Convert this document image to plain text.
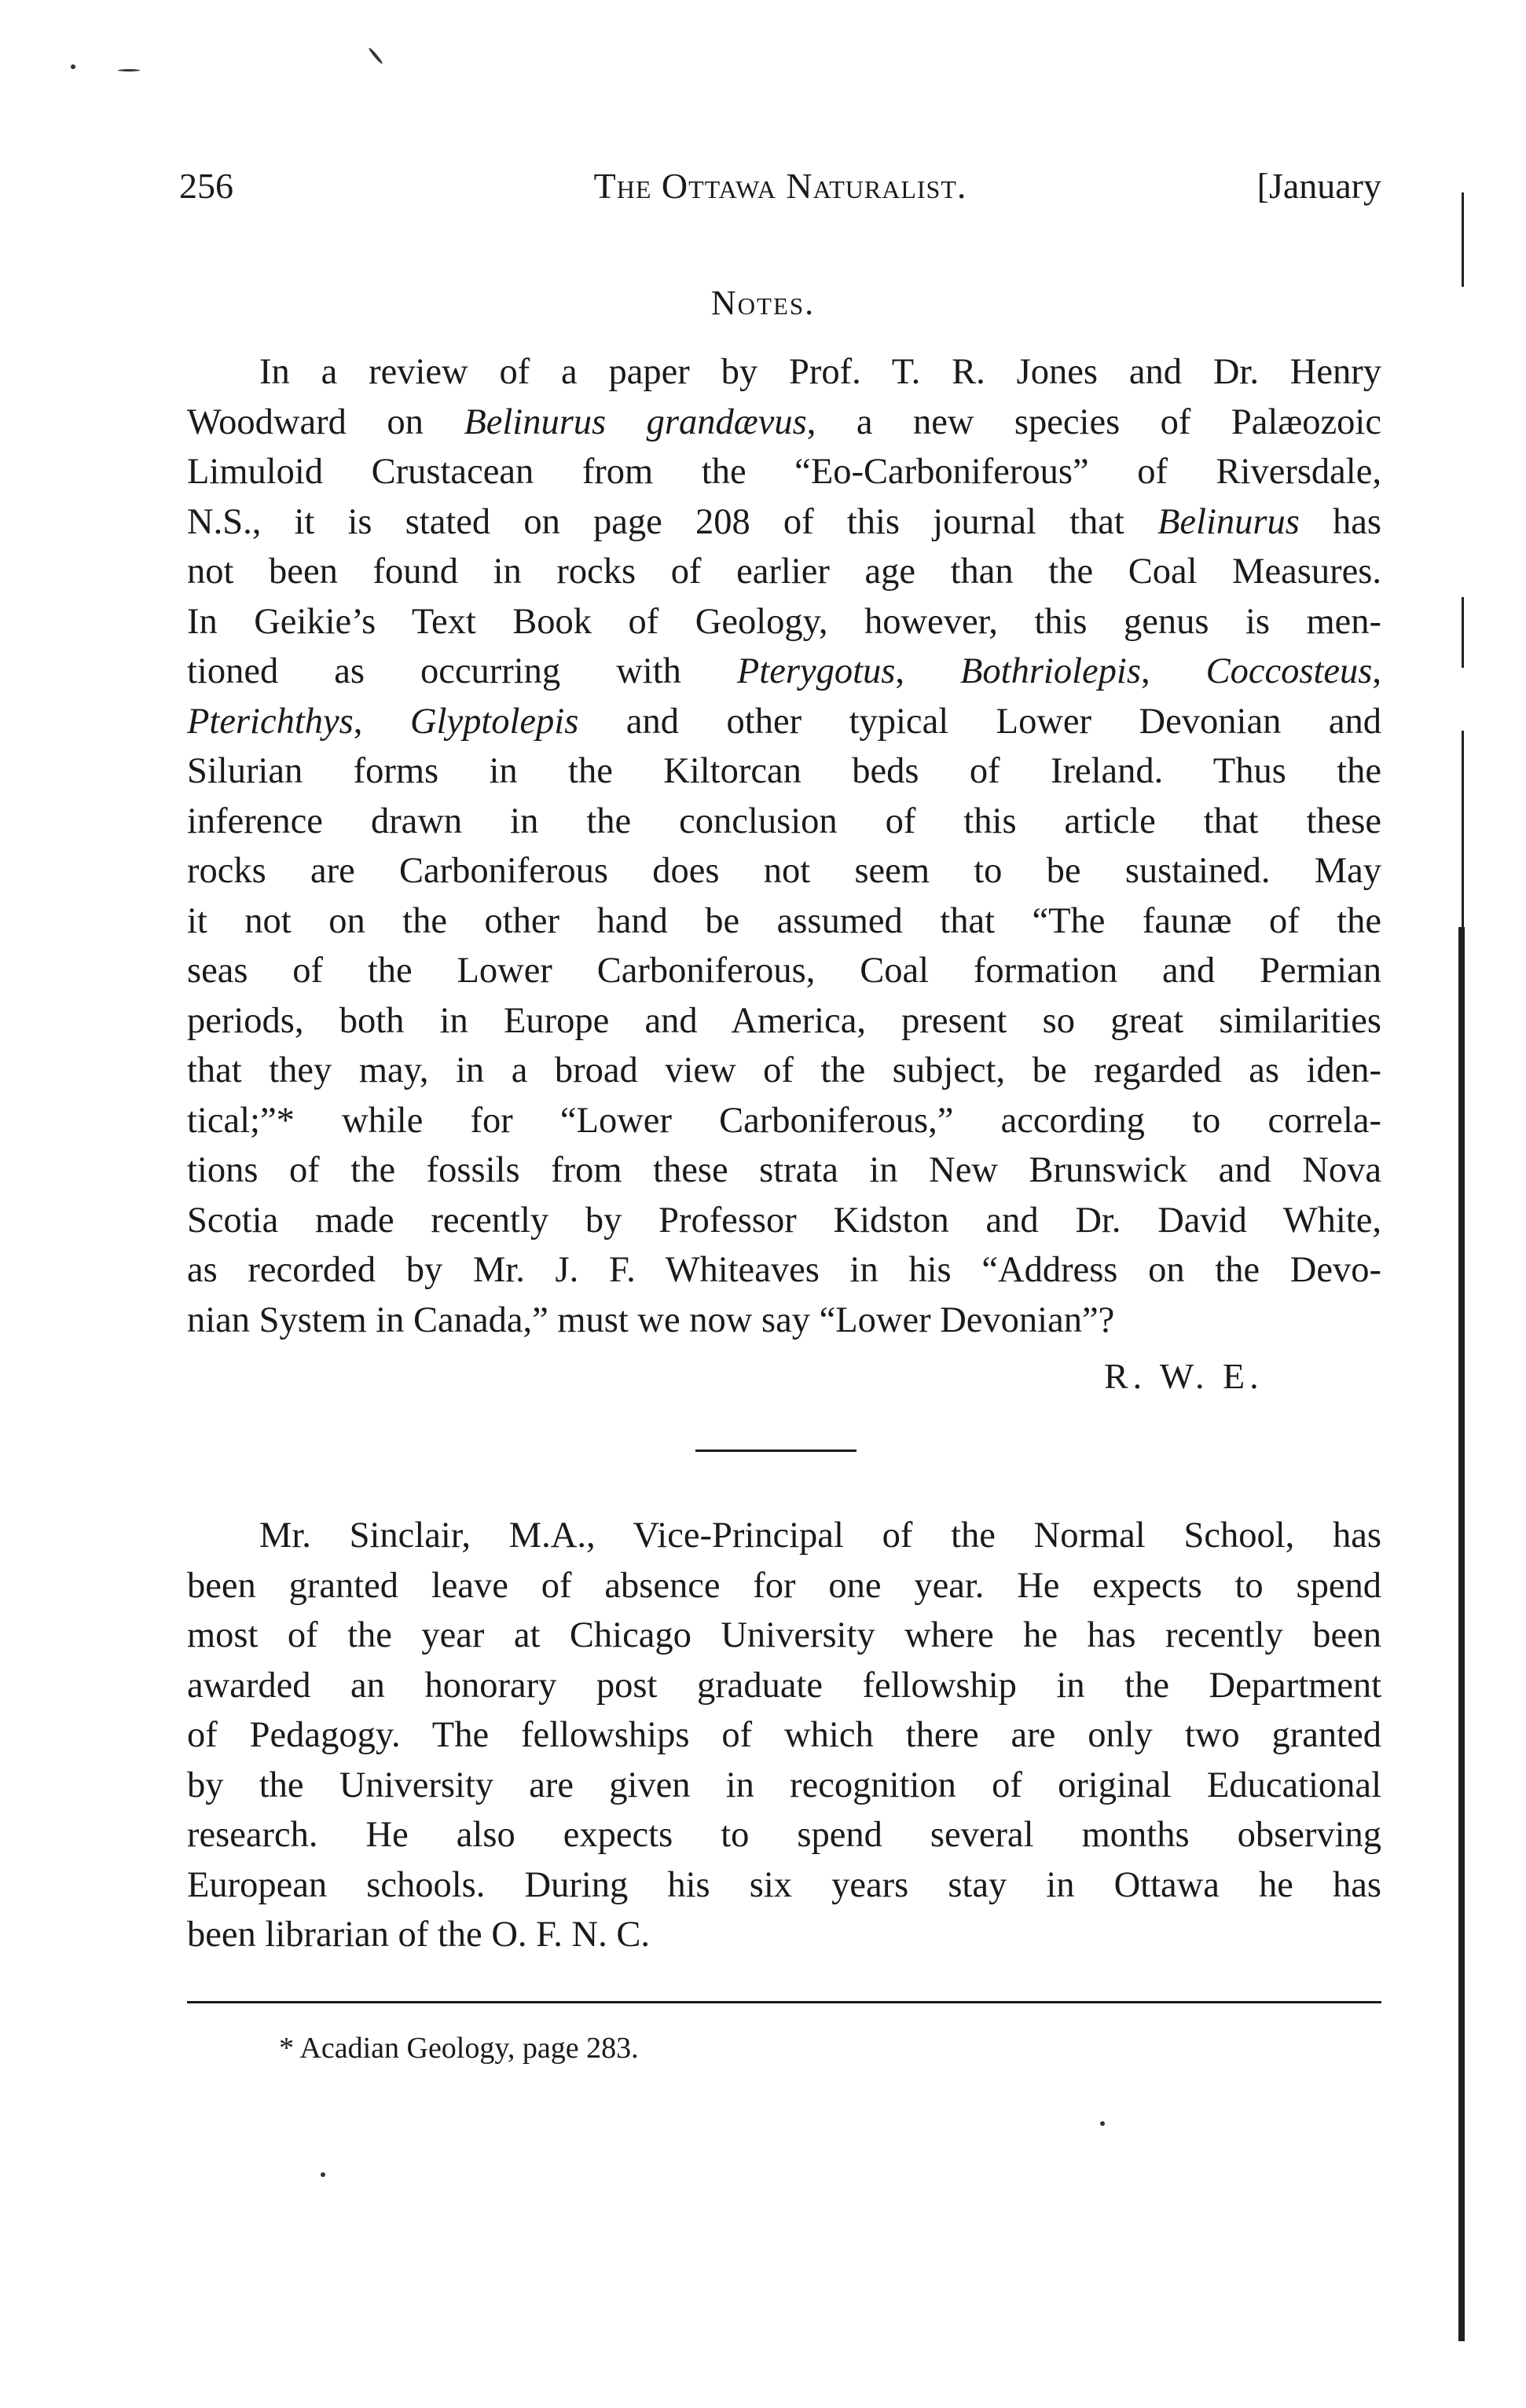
256	The Ottawa Naturalist.	[January
Notes.
In a review of a paper by Prof. T. R. Jones and Dr. Henry
Woodward on Belinurus grandævus, a new species of Palæozoic
Limuloid Crustacean from the “Eo-Carboniferous” of Riversdale,
N.S., it is stated on page 208 of this journal that Belinurus has
not been found in rocks of earlier age than the Coal Measures.
In Geikie’s Text Book of Geology, however, this genus is men-
tioned as occurring with Pterygotus, Bothriolepis, Coccosteus,
Pterichthys, Glyptolepis and other typical Lower Devonian and
Silurian forms in the Kiltorcan beds of Ireland. Thus the
inference drawn in the conclusion of this article that these
rocks are Carboniferous does not seem to be sustained. May
it not on the other hand be assumed that “The faunæ of the
seas of the Lower Carboniferous, Coal formation and Permian
periods, both in Europe and America, present so great similarities
that they may, in a broad view of the subject, be regarded as iden-
tical;”* while for “Lower Carboniferous,” according to correla-
tions of the fossils from these strata in New Brunswick and Nova
Scotia made recently by Professor Kidston and Dr. David White,
as recorded by Mr. J. F. Whiteaves in his “Address on the Devo-
nian System in Canada,” must we now say “Lower Devonian”?
R. W. E.
Mr. Sinclair, M.A., Vice-Principal of the Normal School, has
been granted leave of absence for one year. He expects to spend
most of the year at Chicago University where he has recently been
awarded an honorary post graduate fellowship in the Department
of Pedagogy. The fellowships of which there are only two granted
by the University are given in recognition of original Educational
research. He also expects to spend several months observing
European schools. During his six years stay in Ottawa he has
been librarian of the O. F. N. C.
* Acadian Geology, page 283.
